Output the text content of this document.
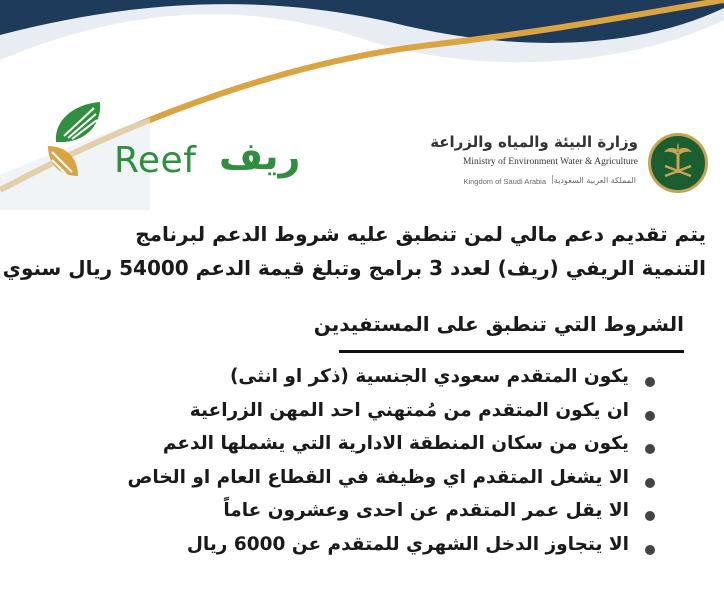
Reef ريف	وزارة البيئة والمياه والزراعة
Ministry of Environment Water & Agriculture
Kingdom of Saudi Arabia | المملكة العربية السعودية
يتم تقديم دعم مالي لمن تنطبق عليه شروط الدعم لبرنامج
التنمية الريفي (ريف) لعدد 3 برامج وتبلغ قيمة الدعم 54000 ريال سنوي
الشروط التي تنطبق على المستفيدين
يكون المتقدم سعودي الجنسية (ذكر او انثى)
ان يكون المتقدم من مُمتهني احد المهن الزراعية
يكون من سكان المنطقة الادارية التي يشملها الدعم
الا يشغل المتقدم اي وظيفة في القطاع العام او الخاص
الا يقل عمر المتقدم عن احدى وعشرون عاماً
الا يتجاوز الدخل الشهري للمتقدم عن 6000 ريال
